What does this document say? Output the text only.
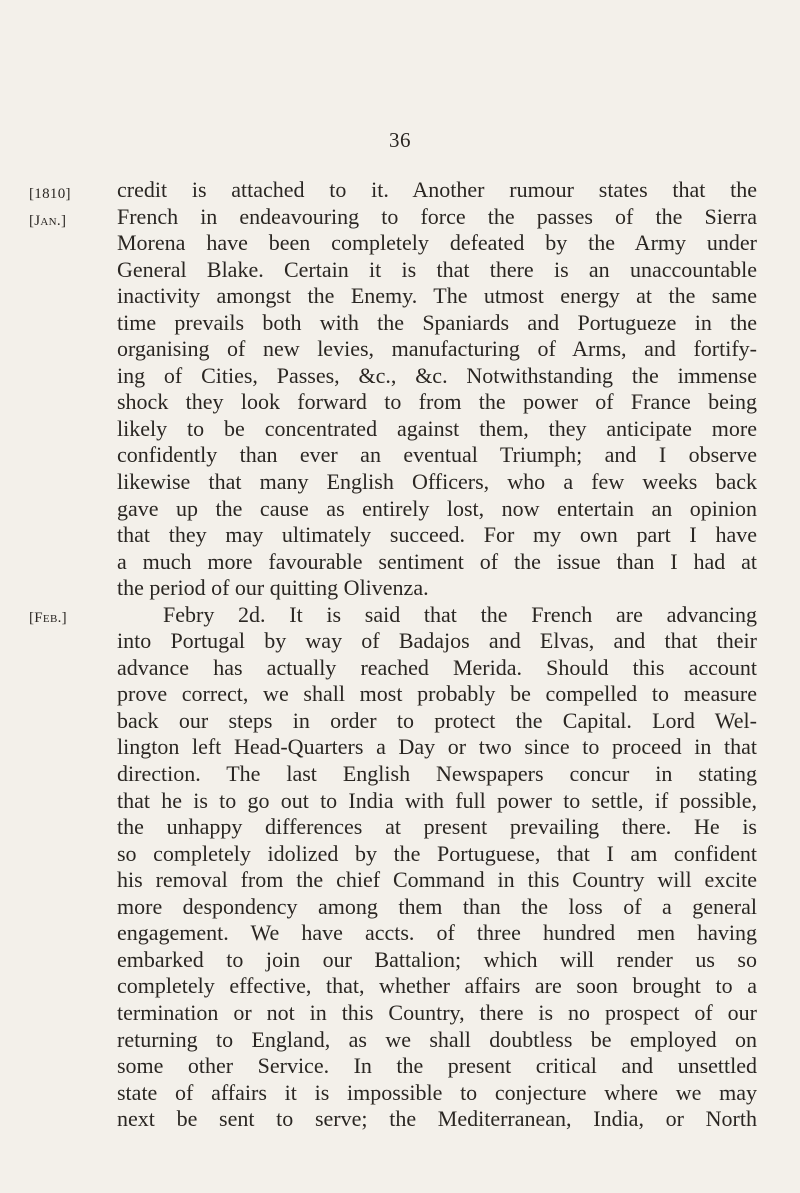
36
[1810]
[Jan.]
[Feb.]
credit is attached to it. Another rumour states that the
French in endeavouring to force the passes of the Sierra
Morena have been completely defeated by the Army under
General Blake. Certain it is that there is an unaccountable
inactivity amongst the Enemy. The utmost energy at the same
time prevails both with the Spaniards and Portugueze in the
organising of new levies, manufacturing of Arms, and fortify-
ing of Cities, Passes, &c., &c. Notwithstanding the immense
shock they look forward to from the power of France being
likely to be concentrated against them, they anticipate more
confidently than ever an eventual Triumph; and I observe
likewise that many English Officers, who a few weeks back
gave up the cause as entirely lost, now entertain an opinion
that they may ultimately succeed. For my own part I have
a much more favourable sentiment of the issue than I had at
the period of our quitting Olivenza.
Febry 2d. It is said that the French are advancing
into Portugal by way of Badajos and Elvas, and that their
advance has actually reached Merida. Should this account
prove correct, we shall most probably be compelled to measure
back our steps in order to protect the Capital. Lord Wel-
lington left Head-Quarters a Day or two since to proceed in that
direction. The last English Newspapers concur in stating
that he is to go out to India with full power to settle, if possible,
the unhappy differences at present prevailing there. He is
so completely idolized by the Portuguese, that I am confident
his removal from the chief Command in this Country will excite
more despondency among them than the loss of a general
engagement. We have accts. of three hundred men having
embarked to join our Battalion; which will render us so
completely effective, that, whether affairs are soon brought to a
termination or not in this Country, there is no prospect of our
returning to England, as we shall doubtless be employed on
some other Service. In the present critical and unsettled
state of affairs it is impossible to conjecture where we may
next be sent to serve; the Mediterranean, India, or North
